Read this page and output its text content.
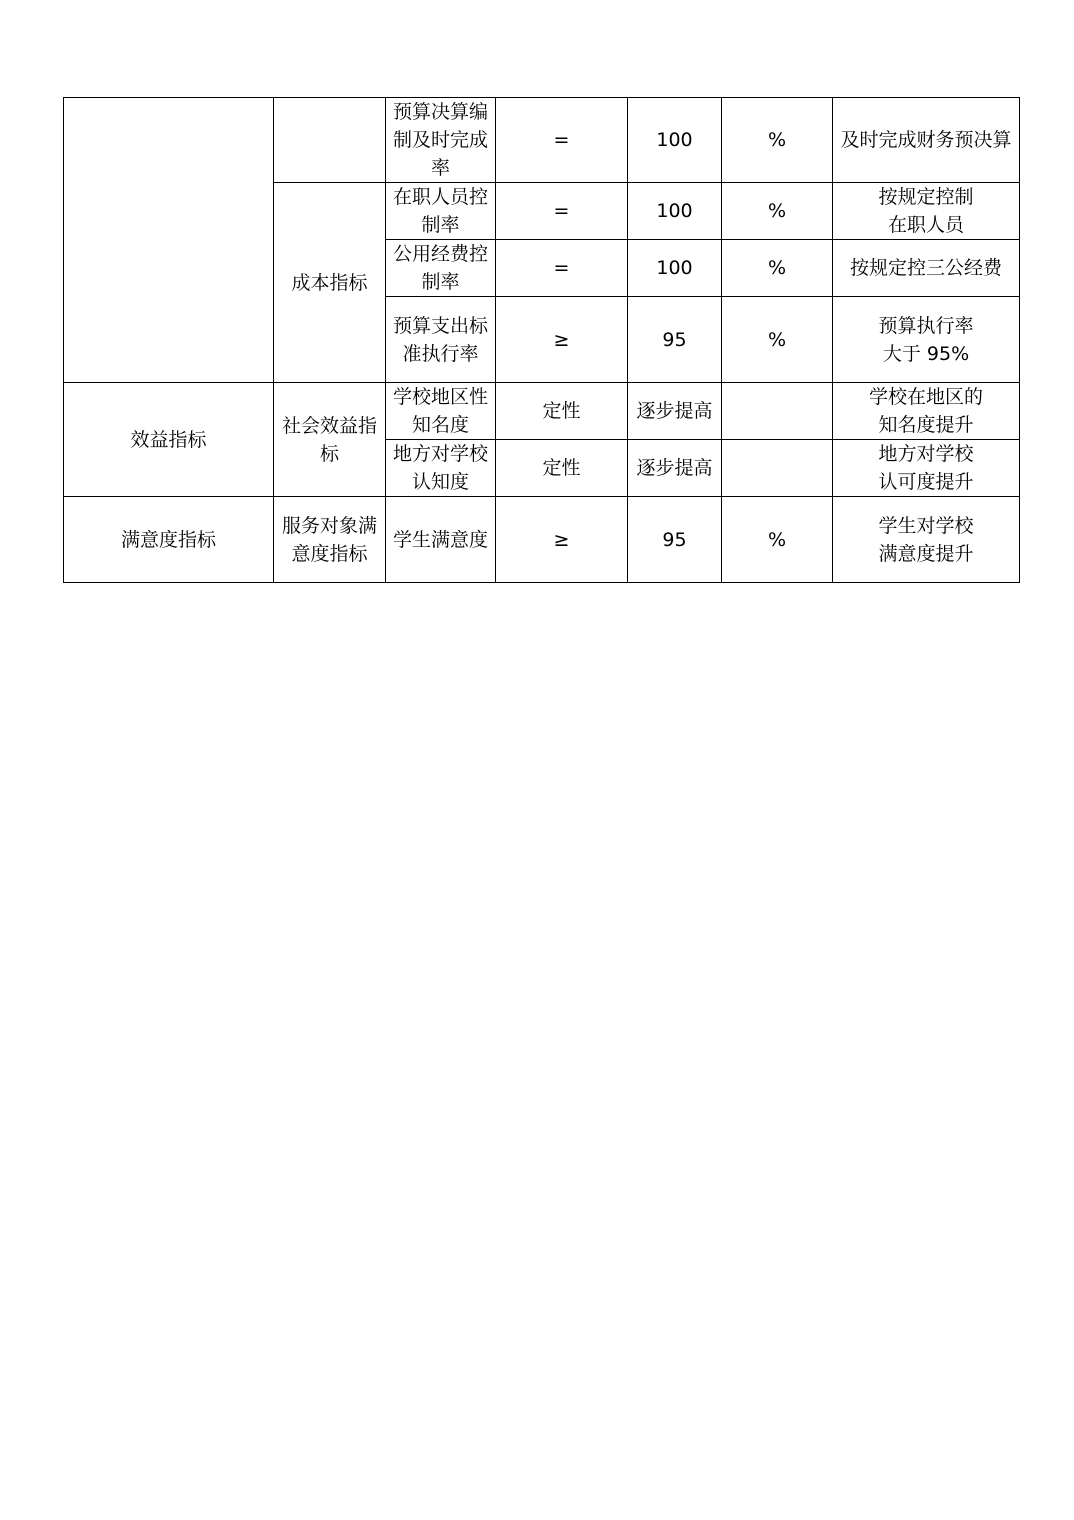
		预算决算编制及时完成率	=	100	%	及时完成财务预决算

	成本指标	在职人员控制率	=	100	%	按规定控制
在职人员

		公用经费控制率	=	100	%	按规定控三公经费

		预算支出标准执行率	≥	95	%	预算执行率
大于 95%

效益指标	社会效益指标	学校地区性知名度	定性	逐步提高		学校在地区的
知名度提升

		地方对学校认知度	定性	逐步提高		地方对学校
认可度提升

满意度指标	服务对象满意度指标	学生满意度	≥	95	%	学生对学校
满意度提升
